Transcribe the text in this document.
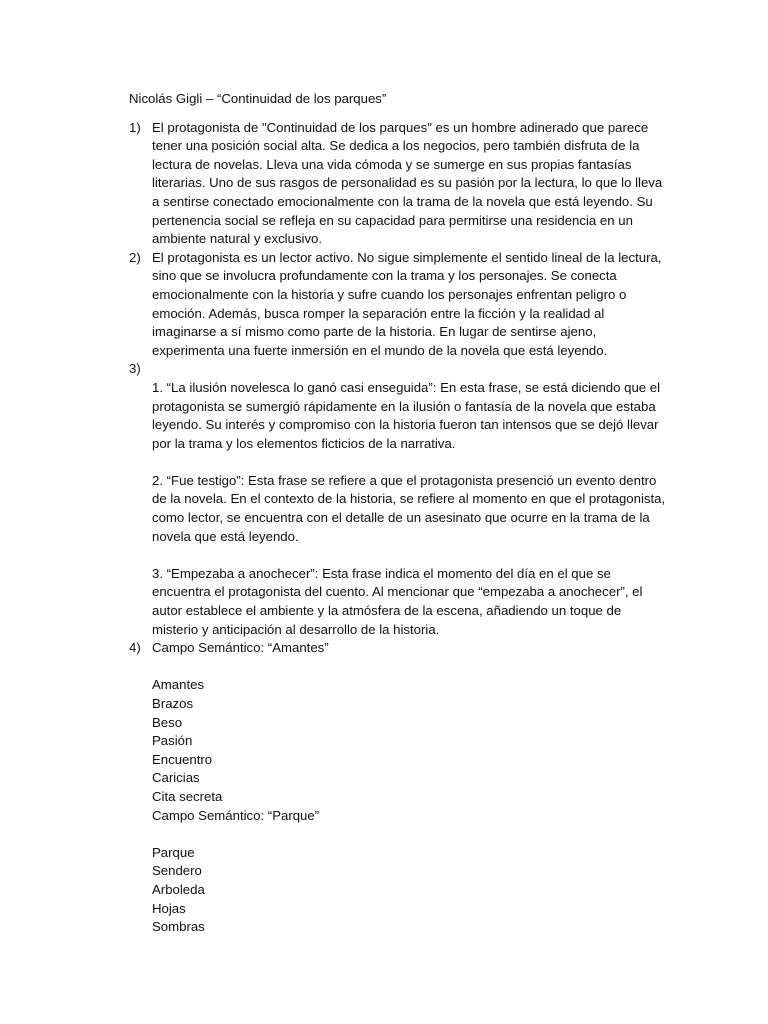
Nicolás Gigli – “Continuidad de los parques”
1) El protagonista de "Continuidad de los parques" es un hombre adinerado que parece tener una posición social alta. Se dedica a los negocios, pero también disfruta de la lectura de novelas. Lleva una vida cómoda y se sumerge en sus propias fantasías literarias. Uno de sus rasgos de personalidad es su pasión por la lectura, lo que lo lleva a sentirse conectado emocionalmente con la trama de la novela que está leyendo. Su pertenencia social se refleja en su capacidad para permitirse una residencia en un ambiente natural y exclusivo.
2) El protagonista es un lector activo. No sigue simplemente el sentido lineal de la lectura, sino que se involucra profundamente con la trama y los personajes. Se conecta emocionalmente con la historia y sufre cuando los personajes enfrentan peligro o emoción. Además, busca romper la separación entre la ficción y la realidad al imaginarse a sí mismo como parte de la historia. En lugar de sentirse ajeno, experimenta una fuerte inmersión en el mundo de la novela que está leyendo.
3)
1. “La ilusión novelesca lo ganó casi enseguida”: En esta frase, se está diciendo que el protagonista se sumergió rápidamente en la ilusión o fantasía de la novela que estaba leyendo. Su interés y compromiso con la historia fueron tan intensos que se dejó llevar por la trama y los elementos ficticios de la narrativa.
2. “Fue testigo”: Esta frase se refiere a que el protagonista presenció un evento dentro de la novela. En el contexto de la historia, se refiere al momento en que el protagonista, como lector, se encuentra con el detalle de un asesinato que ocurre en la trama de la novela que está leyendo.
3. “Empezaba a anochecer”: Esta frase indica el momento del día en el que se encuentra el protagonista del cuento. Al mencionar que “empezaba a anochecer”, el autor establece el ambiente y la atmósfera de la escena, añadiendo un toque de misterio y anticipación al desarrollo de la historia.
4) Campo Semántico: “Amantes”
Amantes
Brazos
Beso
Pasión
Encuentro
Caricias
Cita secreta
Campo Semántico: “Parque”
Parque
Sendero
Arboleda
Hojas
Sombras
